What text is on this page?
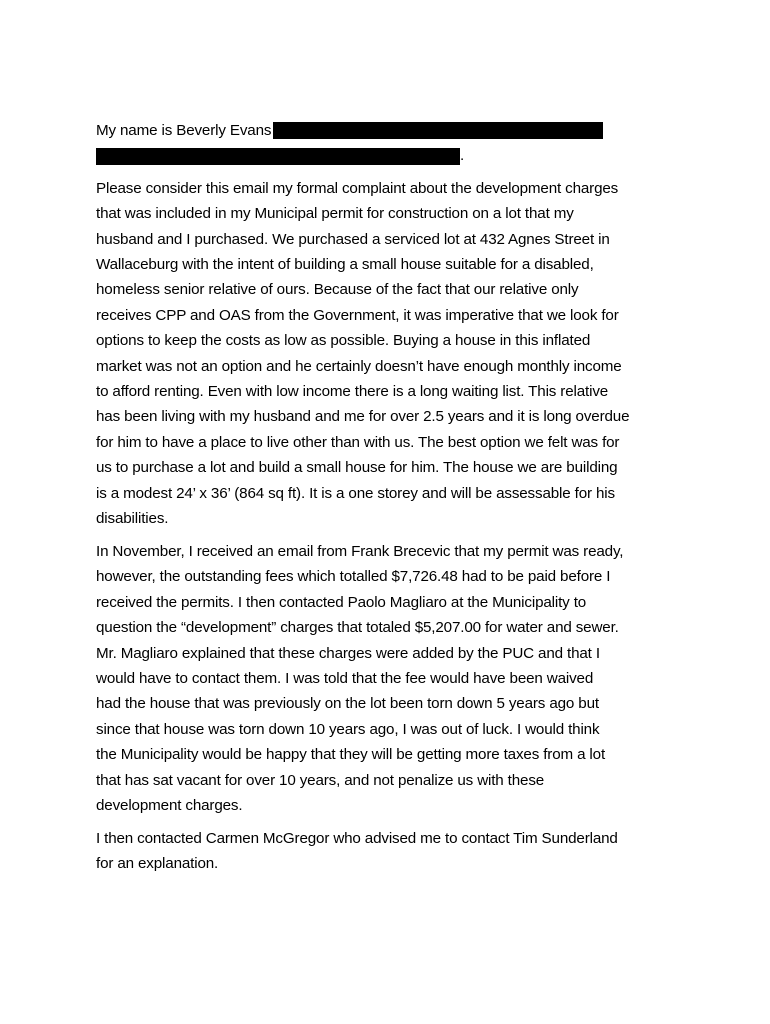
My name is Beverly Evans
.
Please consider this email my formal complaint about the development charges
that was included in my Municipal permit for construction on a lot that my
husband and I purchased. We purchased a serviced lot at 432 Agnes Street in
Wallaceburg with the intent of building a small house suitable for a disabled,
homeless senior relative of ours. Because of the fact that our relative only
receives CPP and OAS from the Government, it was imperative that we look for
options to keep the costs as low as possible. Buying a house in this inflated
market was not an option and he certainly doesn’t have enough monthly income
to afford renting. Even with low income there is a long waiting list. This relative
has been living with my husband and me for over 2.5 years and it is long overdue
for him to have a place to live other than with us. The best option we felt was for
us to purchase a lot and build a small house for him. The house we are building
is a modest 24’ x 36’ (864 sq ft). It is a one storey and will be assessable for his
disabilities.
In November, I received an email from Frank Brecevic that my permit was ready,
however, the outstanding fees which totalled $7,726.48 had to be paid before I
received the permits. I then contacted Paolo Magliaro at the Municipality to
question the “development” charges that totaled $5,207.00 for water and sewer.
Mr. Magliaro explained that these charges were added by the PUC and that I
would have to contact them. I was told that the fee would have been waived
had the house that was previously on the lot been torn down 5 years ago but
since that house was torn down 10 years ago, I was out of luck. I would think
the Municipality would be happy that they will be getting more taxes from a lot
that has sat vacant for over 10 years, and not penalize us with these
development charges.
I then contacted Carmen McGregor who advised me to contact Tim Sunderland
for an explanation.
